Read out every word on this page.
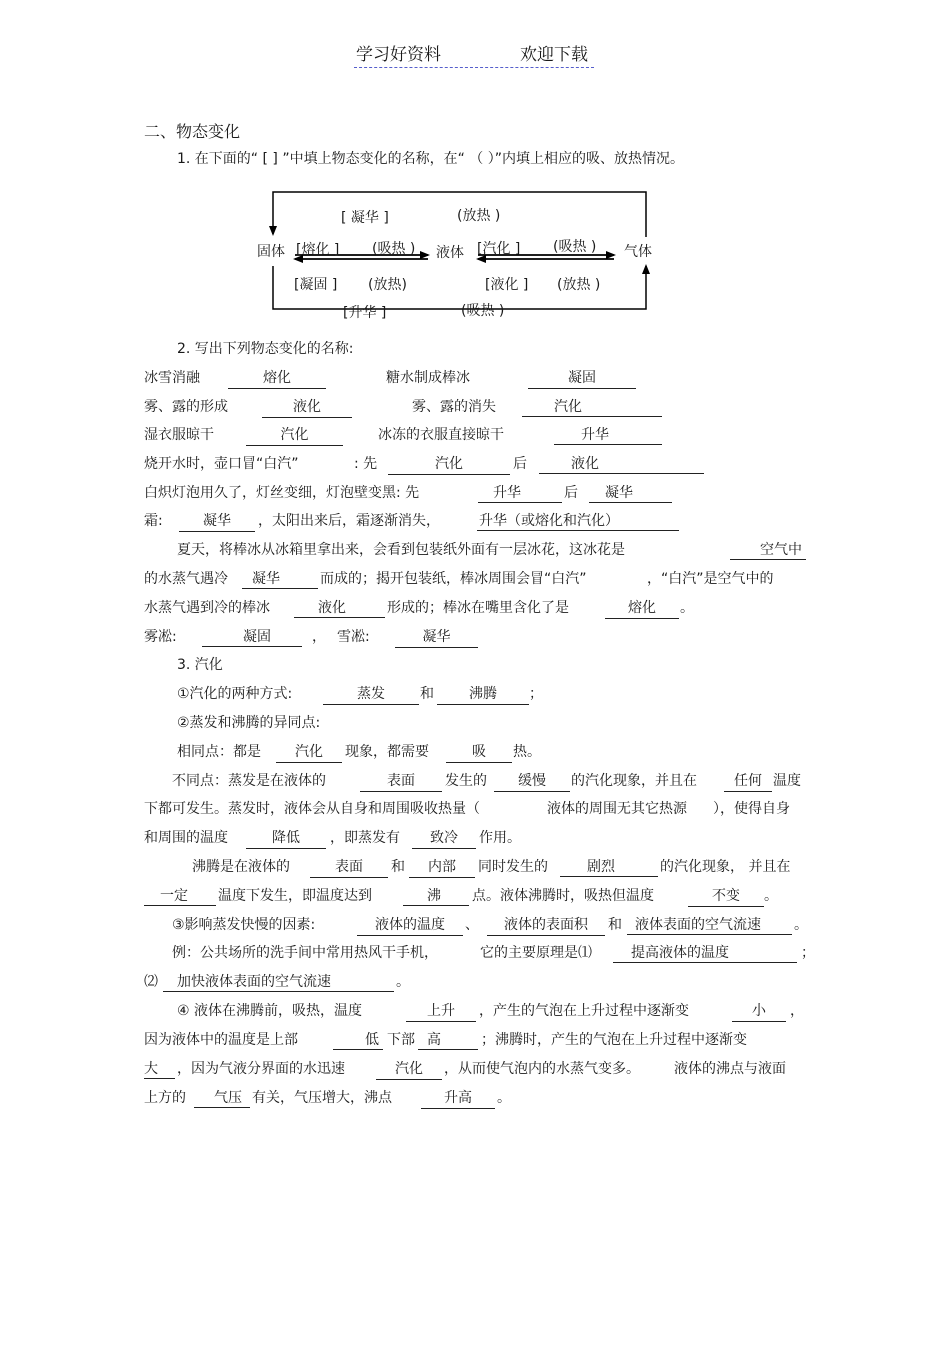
学习好资料	欢迎下载
二、物态变化
1. 在下面的“ [ ] ”中填上物态变化的名称，在“ （ ）”内填上相应的吸、放热情况。
固体	液体	气体
[ 凝华 ]	(放热 )
[熔化 ] (吸热 )	[汽化 ] (吸热 )
[凝固 ] (放热)	[液化 ] (放热 )
[升华 ]	(吸热 )
2. 写出下列物态变化的名称:
冰雪消融	熔化	糖水制成棒冰	凝固
雾、露的形成	液化	雾、露的消失	汽化
湿衣服晾干	汽化	冰冻的衣服直接晾干	升华
烧开水时，壶口冒“白汽”	: 先	汽化	后	液化
白炽灯泡用久了，灯丝变细，灯泡壁变黑: 先	升华	后	凝华
霜:	凝华	，太阳出来后，霜逐渐消失，	升华（或熔化和汽化）
夏天，将棒冰从冰箱里拿出来，会看到包装纸外面有一层冰花，这冰花是	空气中
的水蒸气遇冷	凝华	而成的；揭开包装纸，棒冰周围会冒“白汽”	，“白汽”是空气中的
水蒸气遇到冷的棒冰	液化	形成的；棒冰在嘴里含化了是	熔化	。
雾凇:	凝固	， 雪凇:	凝华
3. 汽化
①汽化的两种方式:	蒸发	和	沸腾	；
②蒸发和沸腾的异同点:
相同点：都是	汽化	现象，都需要	吸	热。
不同点：蒸发是在液体的	表面	发生的	缓慢	的汽化现象，并且在	任何 温度
下都可发生。蒸发时，液体会从自身和周围吸收热量（	液体的周围无其它热源 ），使得自身
和周围的温度	降低	，即蒸发有	致冷	作用。
沸腾是在液体的	表面	和	内部	同时发生的	剧烈	的汽化现象， 并且在
一定	温度下发生，即温度达到	沸	点。液体沸腾时，吸热但温度	不变	。
③影响蒸发快慢的因素:	液体的温度	、	液体的表面积	和 液体表面的空气流速	。
例：公共场所的洗手间中常用热风干手机，	它的主要原理是⑴	提高液体的温度	；
⑵	加快液体表面的空气流速	。
④ 液体在沸腾前，吸热，温度	上升	，产生的气泡在上升过程中逐渐变	小	，
因为液体中的温度是上部	低 下部 高	；沸腾时，产生的气泡在上升过程中逐渐变
大	，因为气液分界面的水迅速	汽化	，从而使气泡内的水蒸气变多。 液体的沸点与液面
上方的	气压 有关，气压增大，沸点	升高	。
